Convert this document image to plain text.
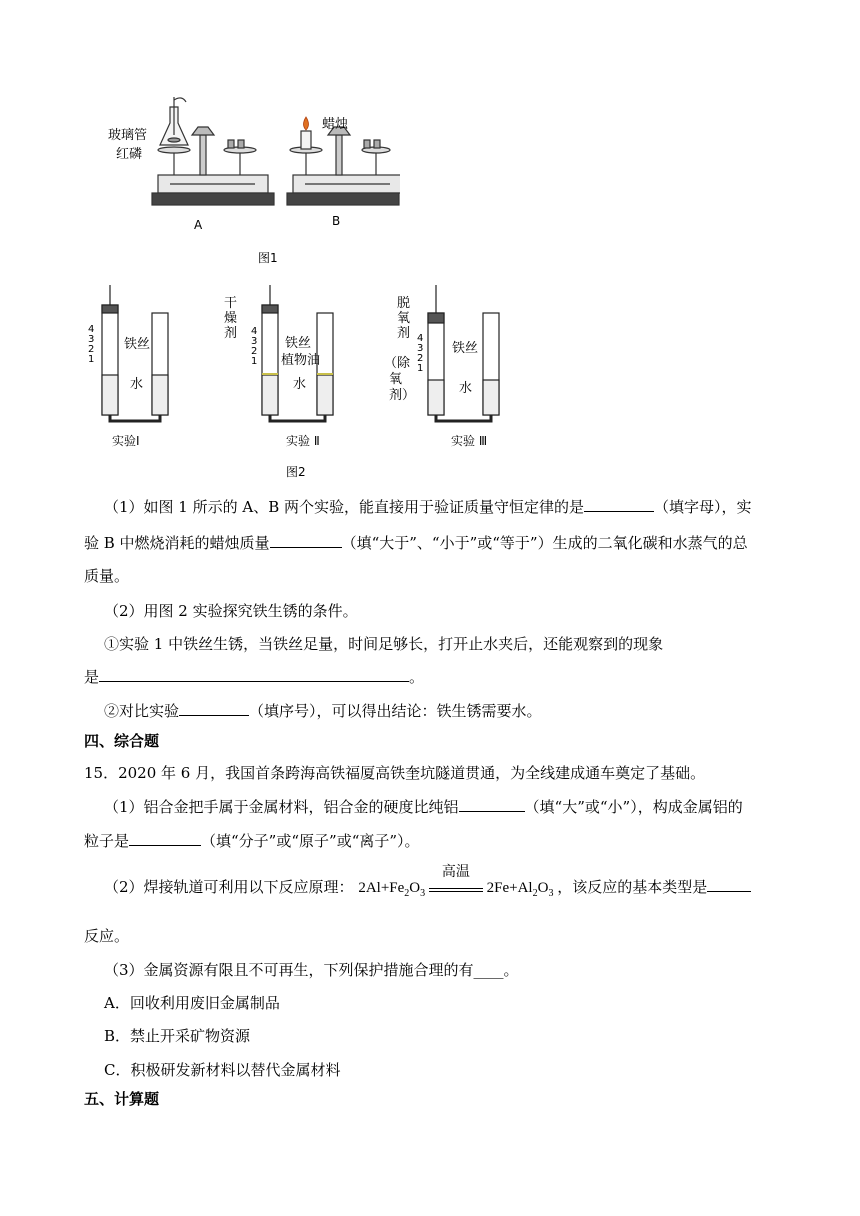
玻璃管
红磷
蜡烛
A	B
图1
4
3
2
1
4
3
2
1
4
3
2
1
铁丝
水
实验Ⅰ
干
燥
剂
铁丝
植物油
水
实验 Ⅱ
脱
氧
剂
（除
氧
剂）
铁丝
水
实验 Ⅲ
图2
（1）如图 1 所示的 A、B 两个实验，能直接用于验证质量守恒定律的是	（填字母），实
验 B 中燃烧消耗的蜡烛质量	（填“大于”、“小于”或“等于”）生成的二氧化碳和水蒸气的总
质量。
（2）用图 2 实验探究铁生锈的条件。
①实验 1 中铁丝生锈，当铁丝足量，时间足够长，打开止水夹后，还能观察到的现象
是	。
②对比实验	（填序号），可以得出结论：铁生锈需要水。
四、综合题
15．2020 年 6 月，我国首条跨海高铁福厦高铁奎坑隧道贯通，为全线建成通车奠定了基础。
（1）铝合金把手属于金属材料，铝合金的硬度比纯铝	（填“大”或“小”），构成金属铝的
粒子是	（填“分子”或“原子”或“离子”）。
（2）焊接轨道可利用以下反应原理： $2Al+Fe_2O_3$
高温
$2Fe+Al_2O_3$ ，该反应的基本类型是
反应。
（3）金属资源有限且不可再生，下列保护措施合理的有____。
A．回收利用废旧金属制品
B．禁止开采矿物资源
C．积极研发新材料以替代金属材料
五、计算题
